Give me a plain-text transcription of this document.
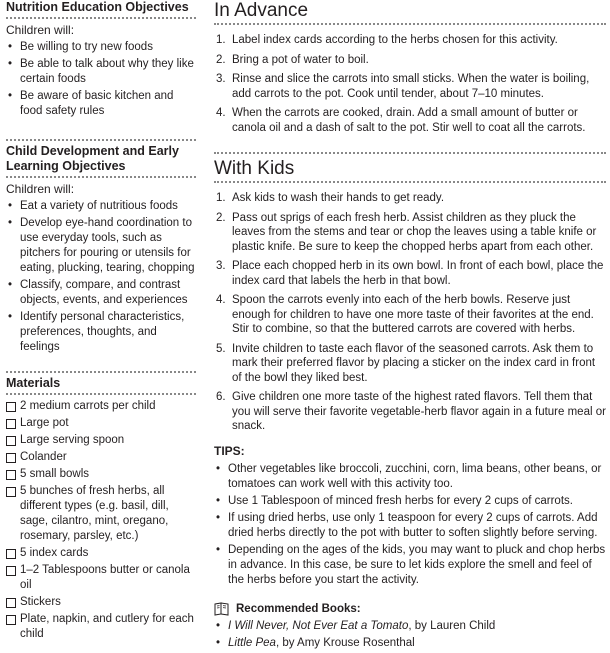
Nutrition Education Objectives

Children will:

• Be willing to try new foods
• Be able to talk about why they like certain foods
• Be aware of basic kitchen and food safety rules
Child Development and Early Learning Objectives

Children will:

• Eat a variety of nutritious foods
• Develop eye-hand coordination to use everyday tools, such as pitchers for pouring or utensils for eating, plucking, tearing, chopping
• Classify, compare, and contrast objects, events, and experiences
• Identify personal characteristics, preferences, thoughts, and feelings
Materials
2 medium carrots per child
Large pot
Large serving spoon
Colander
5 small bowls
5 bunches of fresh herbs, all different types (e.g. basil, dill, sage, cilantro, mint, oregano, rosemary, parsley, etc.)
5 index cards
1–2 Tablespoons butter or canola oil
Stickers
Plate, napkin, and cutlery for each child
In Advance
1. Label index cards according to the herbs chosen for this activity.
2. Bring a pot of water to boil.
3. Rinse and slice the carrots into small sticks. When the water is boiling, add carrots to the pot. Cook until tender, about 7–10 minutes.
4. When the carrots are cooked, drain. Add a small amount of butter or canola oil and a dash of salt to the pot. Stir well to coat all the carrots.
With Kids
1. Ask kids to wash their hands to get ready.
2. Pass out sprigs of each fresh herb. Assist children as they pluck the leaves from the stems and tear or chop the leaves using a table knife or plastic knife. Be sure to keep the chopped herbs apart from each other.
3. Place each chopped herb in its own bowl. In front of each bowl, place the index card that labels the herb in that bowl.
4. Spoon the carrots evenly into each of the herb bowls. Reserve just enough for children to have one more taste of their favorites at the end. Stir to combine, so that the buttered carrots are covered with herbs.
5. Invite children to taste each flavor of the seasoned carrots. Ask them to mark their preferred flavor by placing a sticker on the index card in front of the bowl they liked best.
6. Give children one more taste of the highest rated flavors. Tell them that you will serve their favorite vegetable-herb flavor again in a future meal or snack.

TIPS:

• Other vegetables like broccoli, zucchini, corn, lima beans, other beans, or tomatoes can work well with this activity too.
• Use 1 Tablespoon of minced fresh herbs for every 2 cups of carrots.
• If using dried herbs, use only 1 teaspoon for every 2 cups of carrots. Add dried herbs directly to the pot with butter to soften slightly before serving.
• Depending on the ages of the kids, you may want to pluck and chop herbs in advance. In this case, be sure to let kids explore the smell and feel of the herbs before you start the activity.
Recommended Books:
• I Will Never, Not Ever Eat a Tomato, by Lauren Child
• Little Pea, by Amy Krouse Rosenthal
